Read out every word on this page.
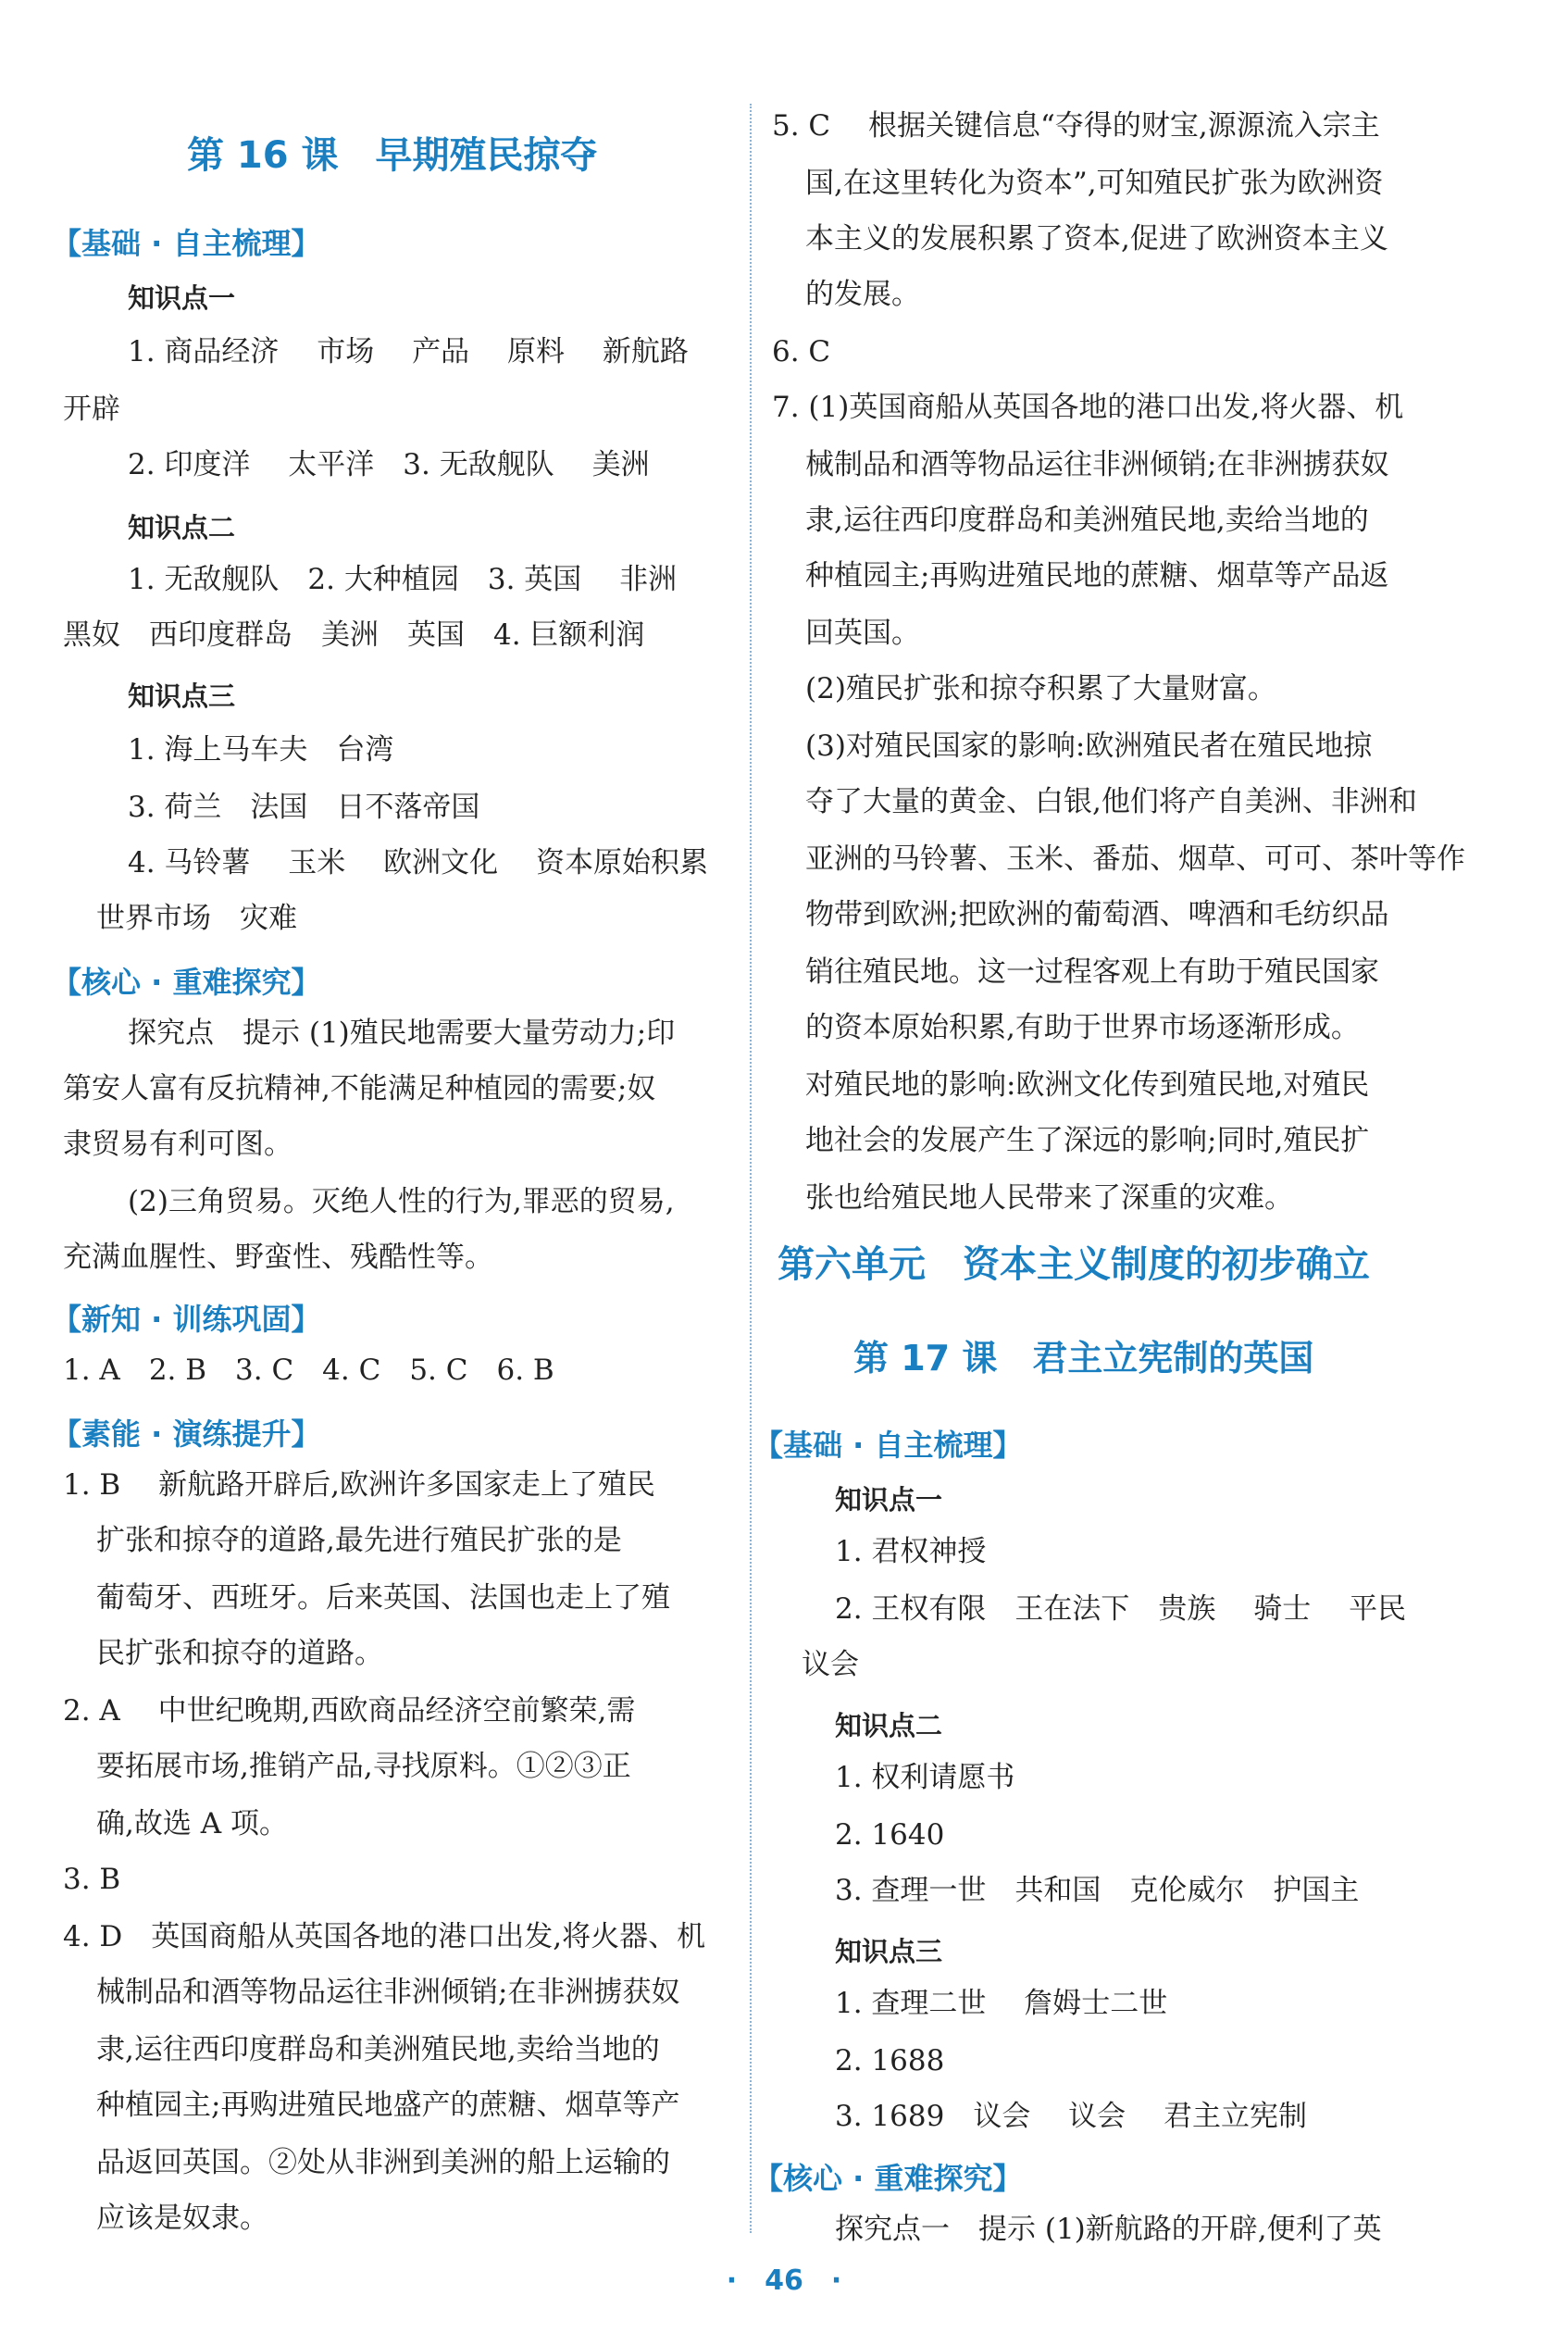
第 16 课　早期殖民掠夺
【基础 · 自主梳理】
知识点一
1. 商品经济　 市场　 产品　 原料　 新航路
开辟
2. 印度洋　 太平洋　3. 无敌舰队　 美洲
知识点二
1. 无敌舰队　2. 大种植园　3. 英国　 非洲
黑奴　西印度群岛　美洲　英国　4. 巨额利润
知识点三
1. 海上马车夫　台湾
3. 荷兰　法国　日不落帝国
4. 马铃薯　 玉米　 欧洲文化　 资本原始积累
世界市场　灾难
【核心 · 重难探究】
探究点　提示 (1)殖民地需要大量劳动力;印
第安人富有反抗精神,不能满足种植园的需要;奴
隶贸易有利可图。
(2)三角贸易。灭绝人性的行为,罪恶的贸易,
充满血腥性、野蛮性、残酷性等。
【新知 · 训练巩固】
1. A　2. B　3. C　4. C　5. C　6. B
【素能 · 演练提升】
1. B　 新航路开辟后,欧洲许多国家走上了殖民
扩张和掠夺的道路,最先进行殖民扩张的是
葡萄牙、西班牙。后来英国、法国也走上了殖
民扩张和掠夺的道路。
2. A　 中世纪晚期,西欧商品经济空前繁荣,需
要拓展市场,推销产品,寻找原料。①②③正
确,故选 A 项。
3. B
4. D　英国商船从英国各地的港口出发,将火器、机
械制品和酒等物品运往非洲倾销;在非洲掳获奴
隶,运往西印度群岛和美洲殖民地,卖给当地的
种植园主;再购进殖民地盛产的蔗糖、烟草等产
品返回英国。②处从非洲到美洲的船上运输的
应该是奴隶。
5. C　 根据关键信息“夺得的财宝,源源流入宗主
国,在这里转化为资本”,可知殖民扩张为欧洲资
本主义的发展积累了资本,促进了欧洲资本主义
的发展。
6. C
7. (1)英国商船从英国各地的港口出发,将火器、机
械制品和酒等物品运往非洲倾销;在非洲掳获奴
隶,运往西印度群岛和美洲殖民地,卖给当地的
种植园主;再购进殖民地的蔗糖、烟草等产品返
回英国。
(2)殖民扩张和掠夺积累了大量财富。
(3)对殖民国家的影响:欧洲殖民者在殖民地掠
夺了大量的黄金、白银,他们将产自美洲、非洲和
亚洲的马铃薯、玉米、番茄、烟草、可可、茶叶等作
物带到欧洲;把欧洲的葡萄酒、啤酒和毛纺织品
销往殖民地。这一过程客观上有助于殖民国家
的资本原始积累,有助于世界市场逐渐形成。
对殖民地的影响:欧洲文化传到殖民地,对殖民
地社会的发展产生了深远的影响;同时,殖民扩
张也给殖民地人民带来了深重的灾难。
第六单元　资本主义制度的初步确立
第 17 课　君主立宪制的英国
【基础 · 自主梳理】
知识点一
1. 君权神授
2. 王权有限　王在法下　贵族　 骑士　 平民
议会
知识点二
1. 权利请愿书
2. 1640
3. 查理一世　共和国　克伦威尔　护国主
知识点三
1. 查理二世　 詹姆士二世
2. 1688
3. 1689　议会　 议会　 君主立宪制
【核心 · 重难探究】
探究点一　提示 (1)新航路的开辟,便利了英
·　46　·
